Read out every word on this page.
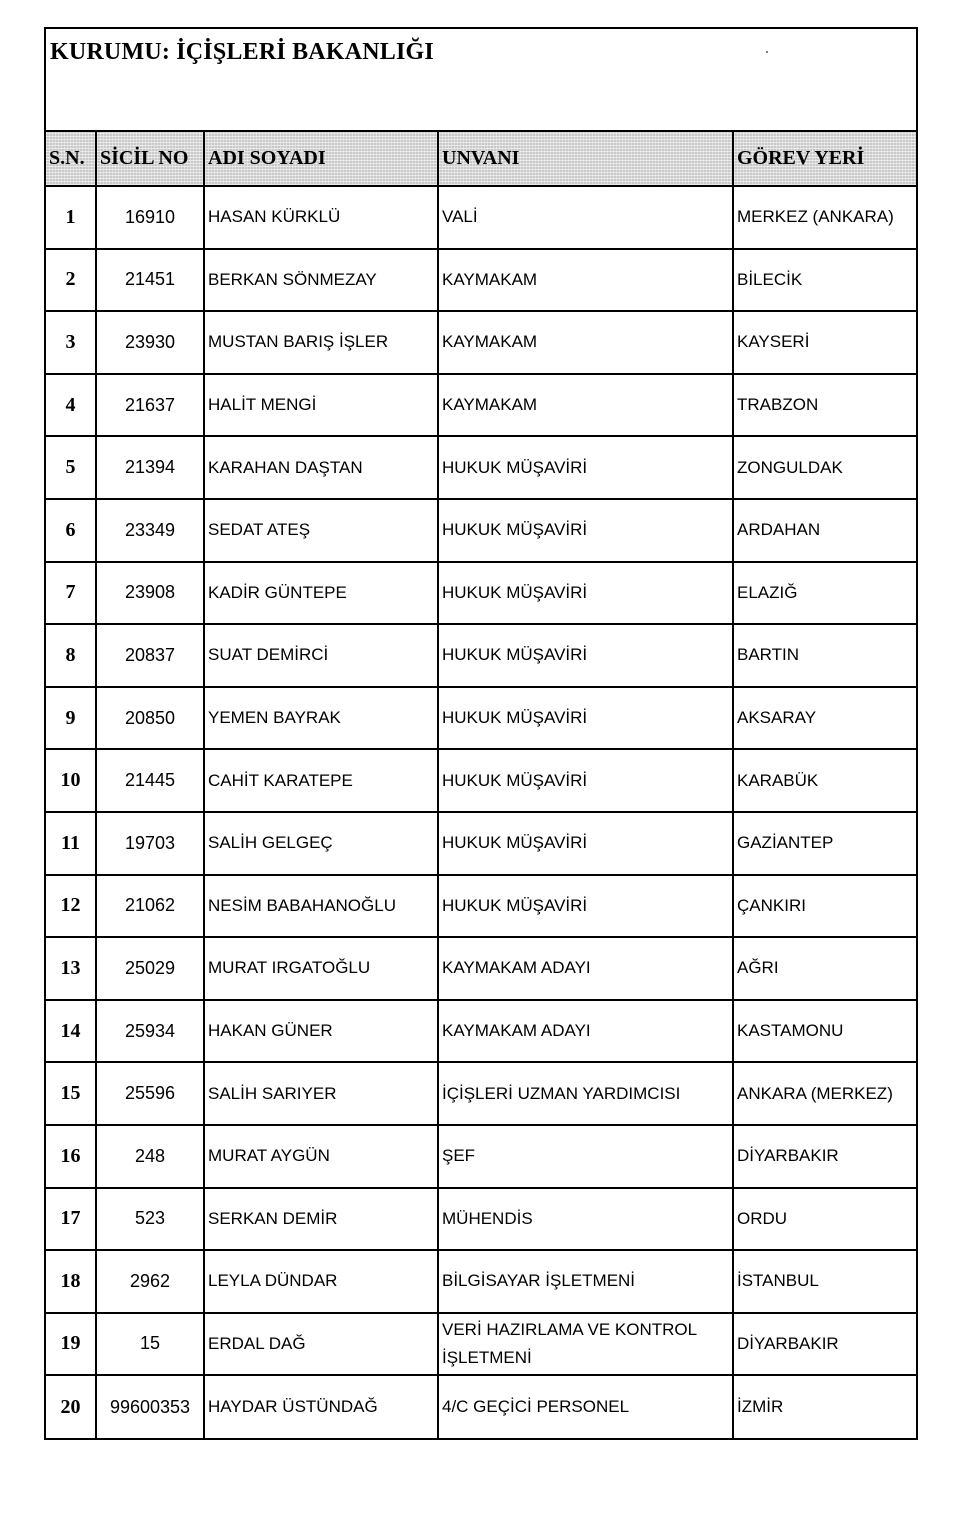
KURUMU: İÇİŞLERİ BAKANLIĞI
S.N.	SİCİL NO	ADI SOYADI	UNVANI	GÖREV YERİ
1	16910	HASAN KÜRKLÜ	VALİ	MERKEZ (ANKARA)
2	21451	BERKAN SÖNMEZAY	KAYMAKAM	BİLECİK
3	23930	MUSTAN BARIŞ İŞLER	KAYMAKAM	KAYSERİ
4	21637	HALİT MENGİ	KAYMAKAM	TRABZON
5	21394	KARAHAN DAŞTAN	HUKUK MÜŞAVİRİ	ZONGULDAK
6	23349	SEDAT ATEŞ	HUKUK MÜŞAVİRİ	ARDAHAN
7	23908	KADİR GÜNTEPE	HUKUK MÜŞAVİRİ	ELAZIĞ
8	20837	SUAT DEMİRCİ	HUKUK MÜŞAVİRİ	BARTIN
9	20850	YEMEN BAYRAK	HUKUK MÜŞAVİRİ	AKSARAY
10	21445	CAHİT KARATEPE	HUKUK MÜŞAVİRİ	KARABÜK
11	19703	SALİH GELGEÇ	HUKUK MÜŞAVİRİ	GAZİANTEP
12	21062	NESİM BABAHANOĞLU	HUKUK MÜŞAVİRİ	ÇANKIRI
13	25029	MURAT IRGATOĞLU	KAYMAKAM ADAYI	AĞRI
14	25934	HAKAN GÜNER	KAYMAKAM ADAYI	KASTAMONU
15	25596	SALİH SARIYER	İÇİŞLERİ UZMAN YARDIMCISI	ANKARA (MERKEZ)
16	248	MURAT AYGÜN	ŞEF	DİYARBAKIR
17	523	SERKAN DEMİR	MÜHENDİS	ORDU
18	2962	LEYLA DÜNDAR	BİLGİSAYAR İŞLETMENİ	İSTANBUL
19	15	ERDAL DAĞ	VERİ HAZIRLAMA VE KONTROL İŞLETMENİ	DİYARBAKIR
20	99600353	HAYDAR ÜSTÜNDAĞ	4/C GEÇİCİ PERSONEL	İZMİR
